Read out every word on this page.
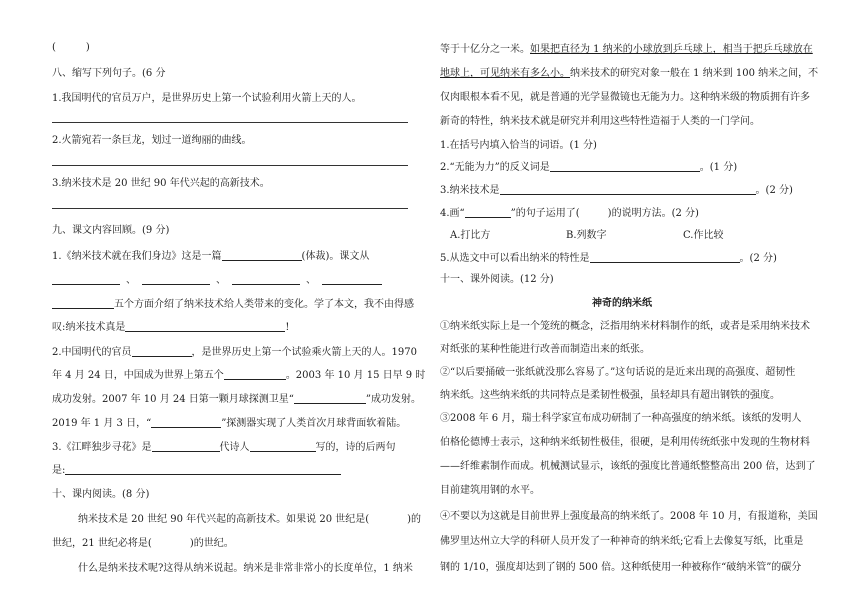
(　　　)
八、缩写下列句子。(6 分
1.我国明代的官员万户，是世界历史上第一个试验利用火箭上天的人。
2.火箭宛若一条巨龙，划过一道绚丽的曲线。
3.纳米技术是 20 世纪 90 年代兴起的高新技术。
九、课文内容回顾。(9 分)
1.《纳米技术就在我们身边》这是一篇	(体裁)。课文从
、	、	、
五个方面介绍了纳米技术给人类带来的变化。学了本文，我不由得感
叹:纳米技术真是	!
2.中国明代的官员	，是世界历史上第一个试验乘火箭上天的人。1970
年 4 月 24 日，中国成为世界上第五个	。2003 年 10 月 15 日早 9 时
成功发射。2007 年 10 月 24 日第一颗月球探测卫星“	”成功发射。
2019 年 1 月 3 日，“	”探测器实现了人类首次月球背面软着陆。
3.《江畔独步寻花》是	代诗人	写的，诗的后两句
是:
十、课内阅读。(8 分)
纳米技术是 20 世纪 90 年代兴起的高新技术。如果说 20 世纪是(	)的
世纪，21 世纪必将是(	)的世纪。
什么是纳米技术呢?这得从纳米说起。纳米是非常非常小的长度单位，1 纳米
等于十亿分之一米。如果把直径为 1 纳米的小球放到乒乓球上，相当于把乒乓球放在
地球上，可见纳米有多么小。纳米技术的研究对象一般在 1 纳米到 100 纳米之间，不
仅肉眼根本看不见，就是普通的光学显微镜也无能为力。这种纳米级的物质拥有许多
新奇的特性，纳米技术就是研究并利用这些特性造福于人类的一门学问。
1.在括号内填入恰当的词语。(1 分)
2.“无能为力”的反义词是	。(1 分)
3.纳米技术是	。(2 分)
4.画“	”的句子运用了(	)的说明方法。(2 分)
A.打比方	B.列数字	C.作比较
5.从选文中可以看出纳米的特性是	。(2 分)
十一、课外阅读。(12 分)
神奇的纳米纸
①纳米纸实际上是一个笼统的概念，泛指用纳米材料制作的纸，或者是采用纳米技术
对纸张的某种性能进行改善而制造出来的纸张。
②“以后要捅破一张纸就没那么容易了。”这句话说的是近来出现的高强度、超韧性
纳米纸。这些纳米纸的共同特点是柔韧性极强，虽轻却具有超出钢铁的强度。
③2008 年 6 月，瑞士科学家宣布成功研制了一种高强度的纳米纸。该纸的发明人
伯格伦德博士表示，这种纳米纸韧性极佳，很硬，是利用传统纸张中发现的生物材料
——纤维素制作而成。机械测试显示，该纸的强度比普通纸整整高出 200 倍，达到了
目前建筑用钢的水平。
④不要以为这就是目前世界上强度最高的纳米纸了。2008 年 10 月，有报道称，美国
佛罗里达州立大学的科研人员开发了一种神奇的纳米纸;它看上去像复写纸，比重是
钢的 1/10，强度却达到了钢的 500 倍。这种纸使用一种被称作“破纳米管”的碳分
